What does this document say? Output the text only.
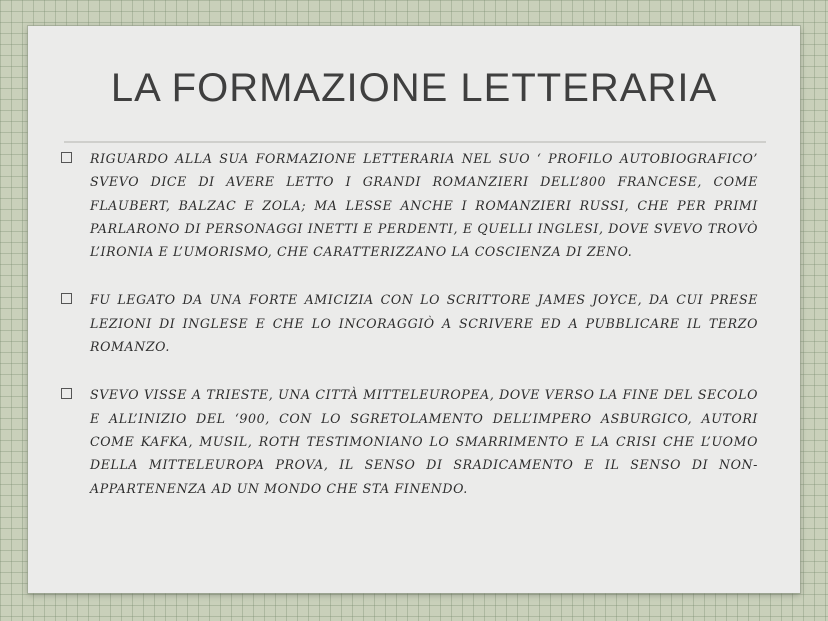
LA FORMAZIONE LETTERARIA
RIGUARDO ALLA SUA FORMAZIONE LETTERARIA NEL SUO ‘ PROFILO AUTOBIOGRAFICO’ SVEVO DICE DI AVERE LETTO I GRANDI ROMANZIERI DELL’800 FRANCESE, COME FLAUBERT, BALZAC E ZOLA; MA LESSE ANCHE I ROMANZIERI RUSSI, CHE PER PRIMI PARLARONO DI PERSONAGGI INETTI E PERDENTI, E QUELLI INGLESI, DOVE SVEVO TROVÒ L’IRONIA E L’UMORISMO, CHE CARATTERIZZANO LA COSCIENZA DI ZENO.
FU LEGATO DA UNA FORTE AMICIZIA CON LO SCRITTORE JAMES JOYCE, DA CUI PRESE LEZIONI DI INGLESE E CHE LO INCORAGGIÒ A SCRIVERE ED A PUBBLICARE IL TERZO ROMANZO.
SVEVO VISSE A TRIESTE, UNA CITTÀ MITTELEUROPEA, DOVE VERSO LA FINE DEL SECOLO E ALL’INIZIO DEL ‘900, CON LO SGRETOLAMENTO DELL’IMPERO ASBURGICO, AUTORI COME KAFKA, MUSIL, ROTH TESTIMONIANO LO SMARRIMENTO E LA CRISI CHE L’UOMO DELLA MITTELEUROPA PROVA, IL SENSO DI SRADICAMENTO E IL SENSO DI NON-APPARTENENZA AD UN MONDO CHE STA FINENDO.
